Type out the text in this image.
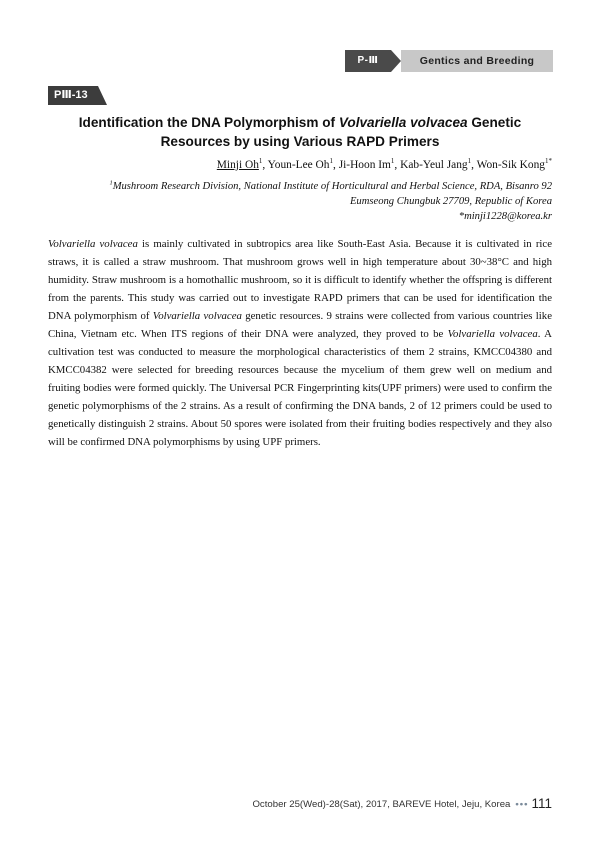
P-Ⅲ	Gentics and Breeding
PⅢ-13
Identification the DNA Polymorphism of Volvariella volvacea Genetic Resources by using Various RAPD Primers
Minji Oh$^1$, Youn-Lee Oh$^1$, Ji-Hoon Im$^1$, Kab-Yeul Jang$^1$, Won-Sik Kong$^{1*}$
$^1$Mushroom Research Division, National Institute of Horticultural and Herbal Science, RDA, Bisanro 92
Eumseong Chungbuk 27709, Republic of Korea
*minji1228@korea.kr
Volvariella volvacea is mainly cultivated in subtropics area like South-East Asia. Because it is cultivated in rice straws, it is called a straw mushroom. That mushroom grows well in high temperature about 30~38°C and high humidity. Straw mushroom is a homothallic mushroom, so it is difficult to identify whether the offspring is different from the parents. This study was carried out to investigate RAPD primers that can be used for identification the DNA polymorphism of Volvariella volvacea genetic resources. 9 strains were collected from various countries like China, Vietnam etc. When ITS regions of their DNA were analyzed, they proved to be Volvariella volvacea. A cultivation test was conducted to measure the morphological characteristics of them 2 strains, KMCC04380 and KMCC04382 were selected for breeding resources because the mycelium of them grew well on medium and fruiting bodies were formed quickly. The Universal PCR Fingerprinting kits(UPF primers) were used to confirm the genetic polymorphisms of the 2 strains. As a result of confirming the DNA bands, 2 of 12 primers could be used to genetically distinguish 2 strains. About 50 spores were isolated from their fruiting bodies respectively and they also will be confirmed DNA polymorphisms by using UPF primers.
October 25(Wed)-28(Sat), 2017, BAREVE Hotel, Jeju, Korea ••• 111
